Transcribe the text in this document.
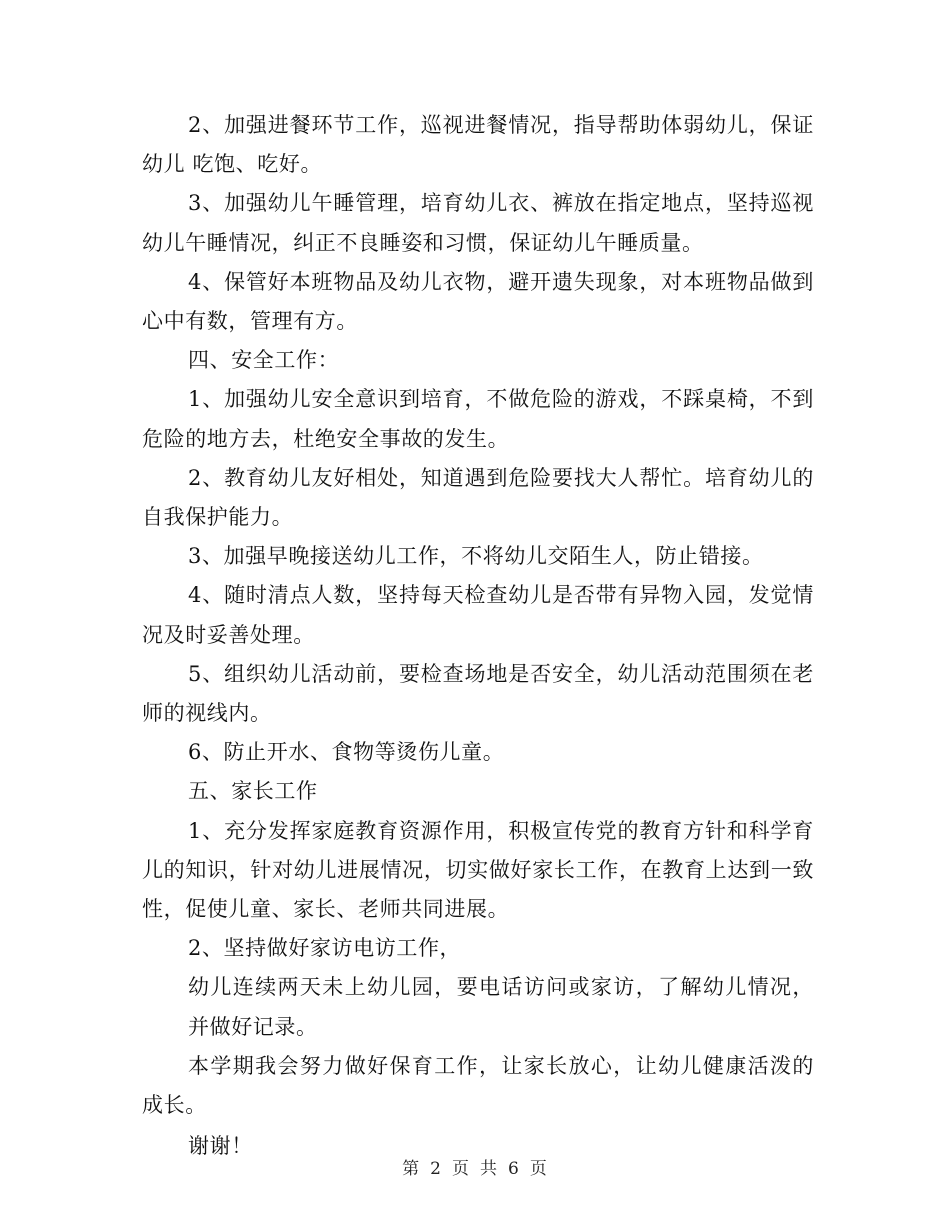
2、加强进餐环节工作，巡视进餐情况，指导帮助体弱幼儿，保证幼儿 吃饱、吃好。

3、加强幼儿午睡管理，培育幼儿衣、裤放在指定地点，坚持巡视幼儿午睡情况，纠正不良睡姿和习惯，保证幼儿午睡质量。

4、保管好本班物品及幼儿衣物，避开遗失现象，对本班物品做到心中有数，管理有方。

四、安全工作：

1、加强幼儿安全意识到培育，不做危险的游戏，不踩桌椅，不到危险的地方去，杜绝安全事故的发生。

2、教育幼儿友好相处，知道遇到危险要找大人帮忙。培育幼儿的自我保护能力。

3、加强早晚接送幼儿工作，不将幼儿交陌生人，防止错接。

4、随时清点人数，坚持每天检查幼儿是否带有异物入园，发觉情况及时妥善处理。

5、组织幼儿活动前，要检查场地是否安全，幼儿活动范围须在老师的视线内。

6、防止开水、食物等烫伤儿童。

五、家长工作

1、充分发挥家庭教育资源作用，积极宣传党的教育方针和科学育儿的知识，针对幼儿进展情况，切实做好家长工作，在教育上达到一致性，促使儿童、家长、老师共同进展。

2、坚持做好家访电访工作，

幼儿连续两天未上幼儿园，要电话访问或家访，了解幼儿情况，并做好记录。

本学期我会努力做好保育工作，让家长放心，让幼儿健康活泼的成长。

谢谢！

第 2 页 共 6 页
